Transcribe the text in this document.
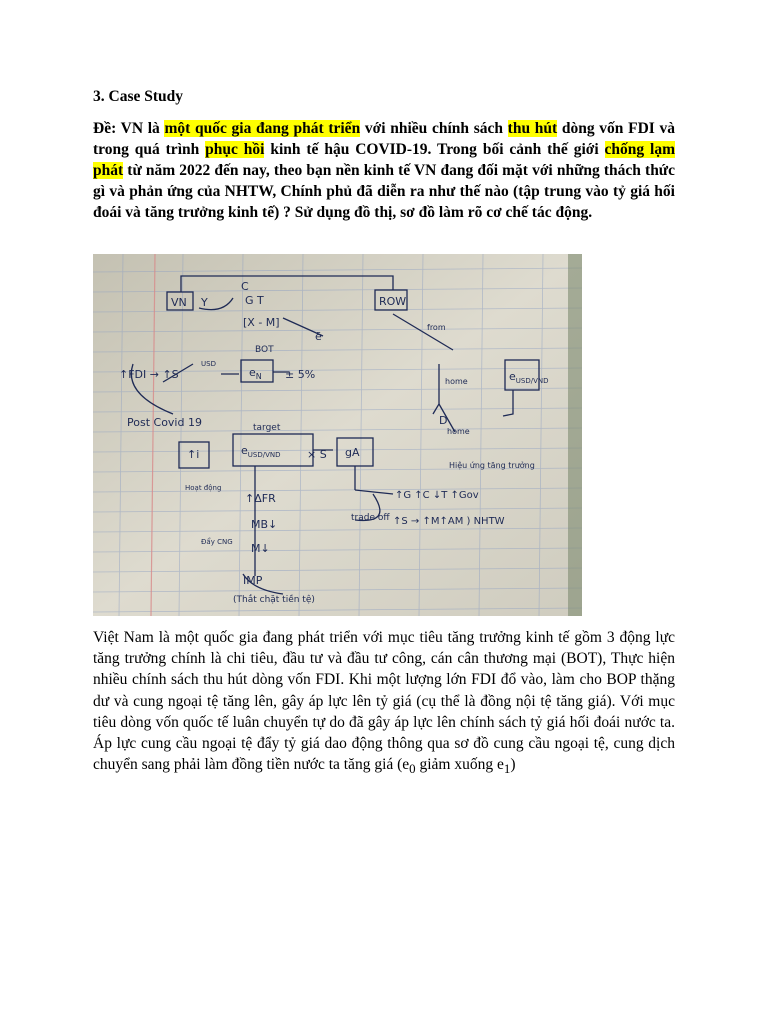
3. Case Study
Đề: VN là một quốc gia đang phát triển với nhiều chính sách thu hút dòng vốn FDI và trong quá trình phục hồi kinh tế hậu COVID-19. Trong bối cảnh thế giới chống lạm phát từ năm 2022 đến nay, theo bạn nền kinh tế VN đang đối mặt với những thách thức gì và phản ứng của NHTW, Chính phủ đã diễn ra như thế nào (tập trung vào tỷ giá hối đoái và tăng trưởng kinh tế) ? Sử dụng đồ thị, sơ đồ làm rõ cơ chế tác động.
VN	ROW
G T
[X - M]
BOT
C
ē
Y
$e_N \pm 5\%$
↑FDI → ↑S
USD
Post Covid 19	target
$e_{USD/VND} \times S$ gA
↑i
↑ΔFR
MB↓
M↓
IMP
(Thắt chặt tiền tệ)
$e_{USD/VND}$
home
home
from
D
↑G ↑C ↓T ↑Gov
↑S → ↑M↑AM ) NHTW
trade off
Hiệu ứng tăng trưởng
Hoạt động
Đẩy CNG
Việt Nam là một quốc gia đang phát triển với mục tiêu tăng trưởng kinh tế gồm 3 động lực tăng trưởng chính là chi tiêu, đầu tư và đầu tư công, cán cân thương mại (BOT), Thực hiện nhiều chính sách thu hút dòng vốn FDI. Khi một lượng lớn FDI đổ vào, làm cho BOP thặng dư và cung ngoại tệ tăng lên, gây áp lực lên tỷ giá (cụ thể là đồng nội tệ tăng giá). Với mục tiêu dòng vốn quốc tế luân chuyển tự do đã gây áp lực lên chính sách tỷ giá hối đoái nước ta. Áp lực cung cầu ngoại tệ đẩy tỷ giá dao động thông qua sơ đồ cung cầu ngoại tệ, cung dịch chuyển sang phải làm đồng tiền nước ta tăng giá ($e_0$ giảm xuống $e_1$)
